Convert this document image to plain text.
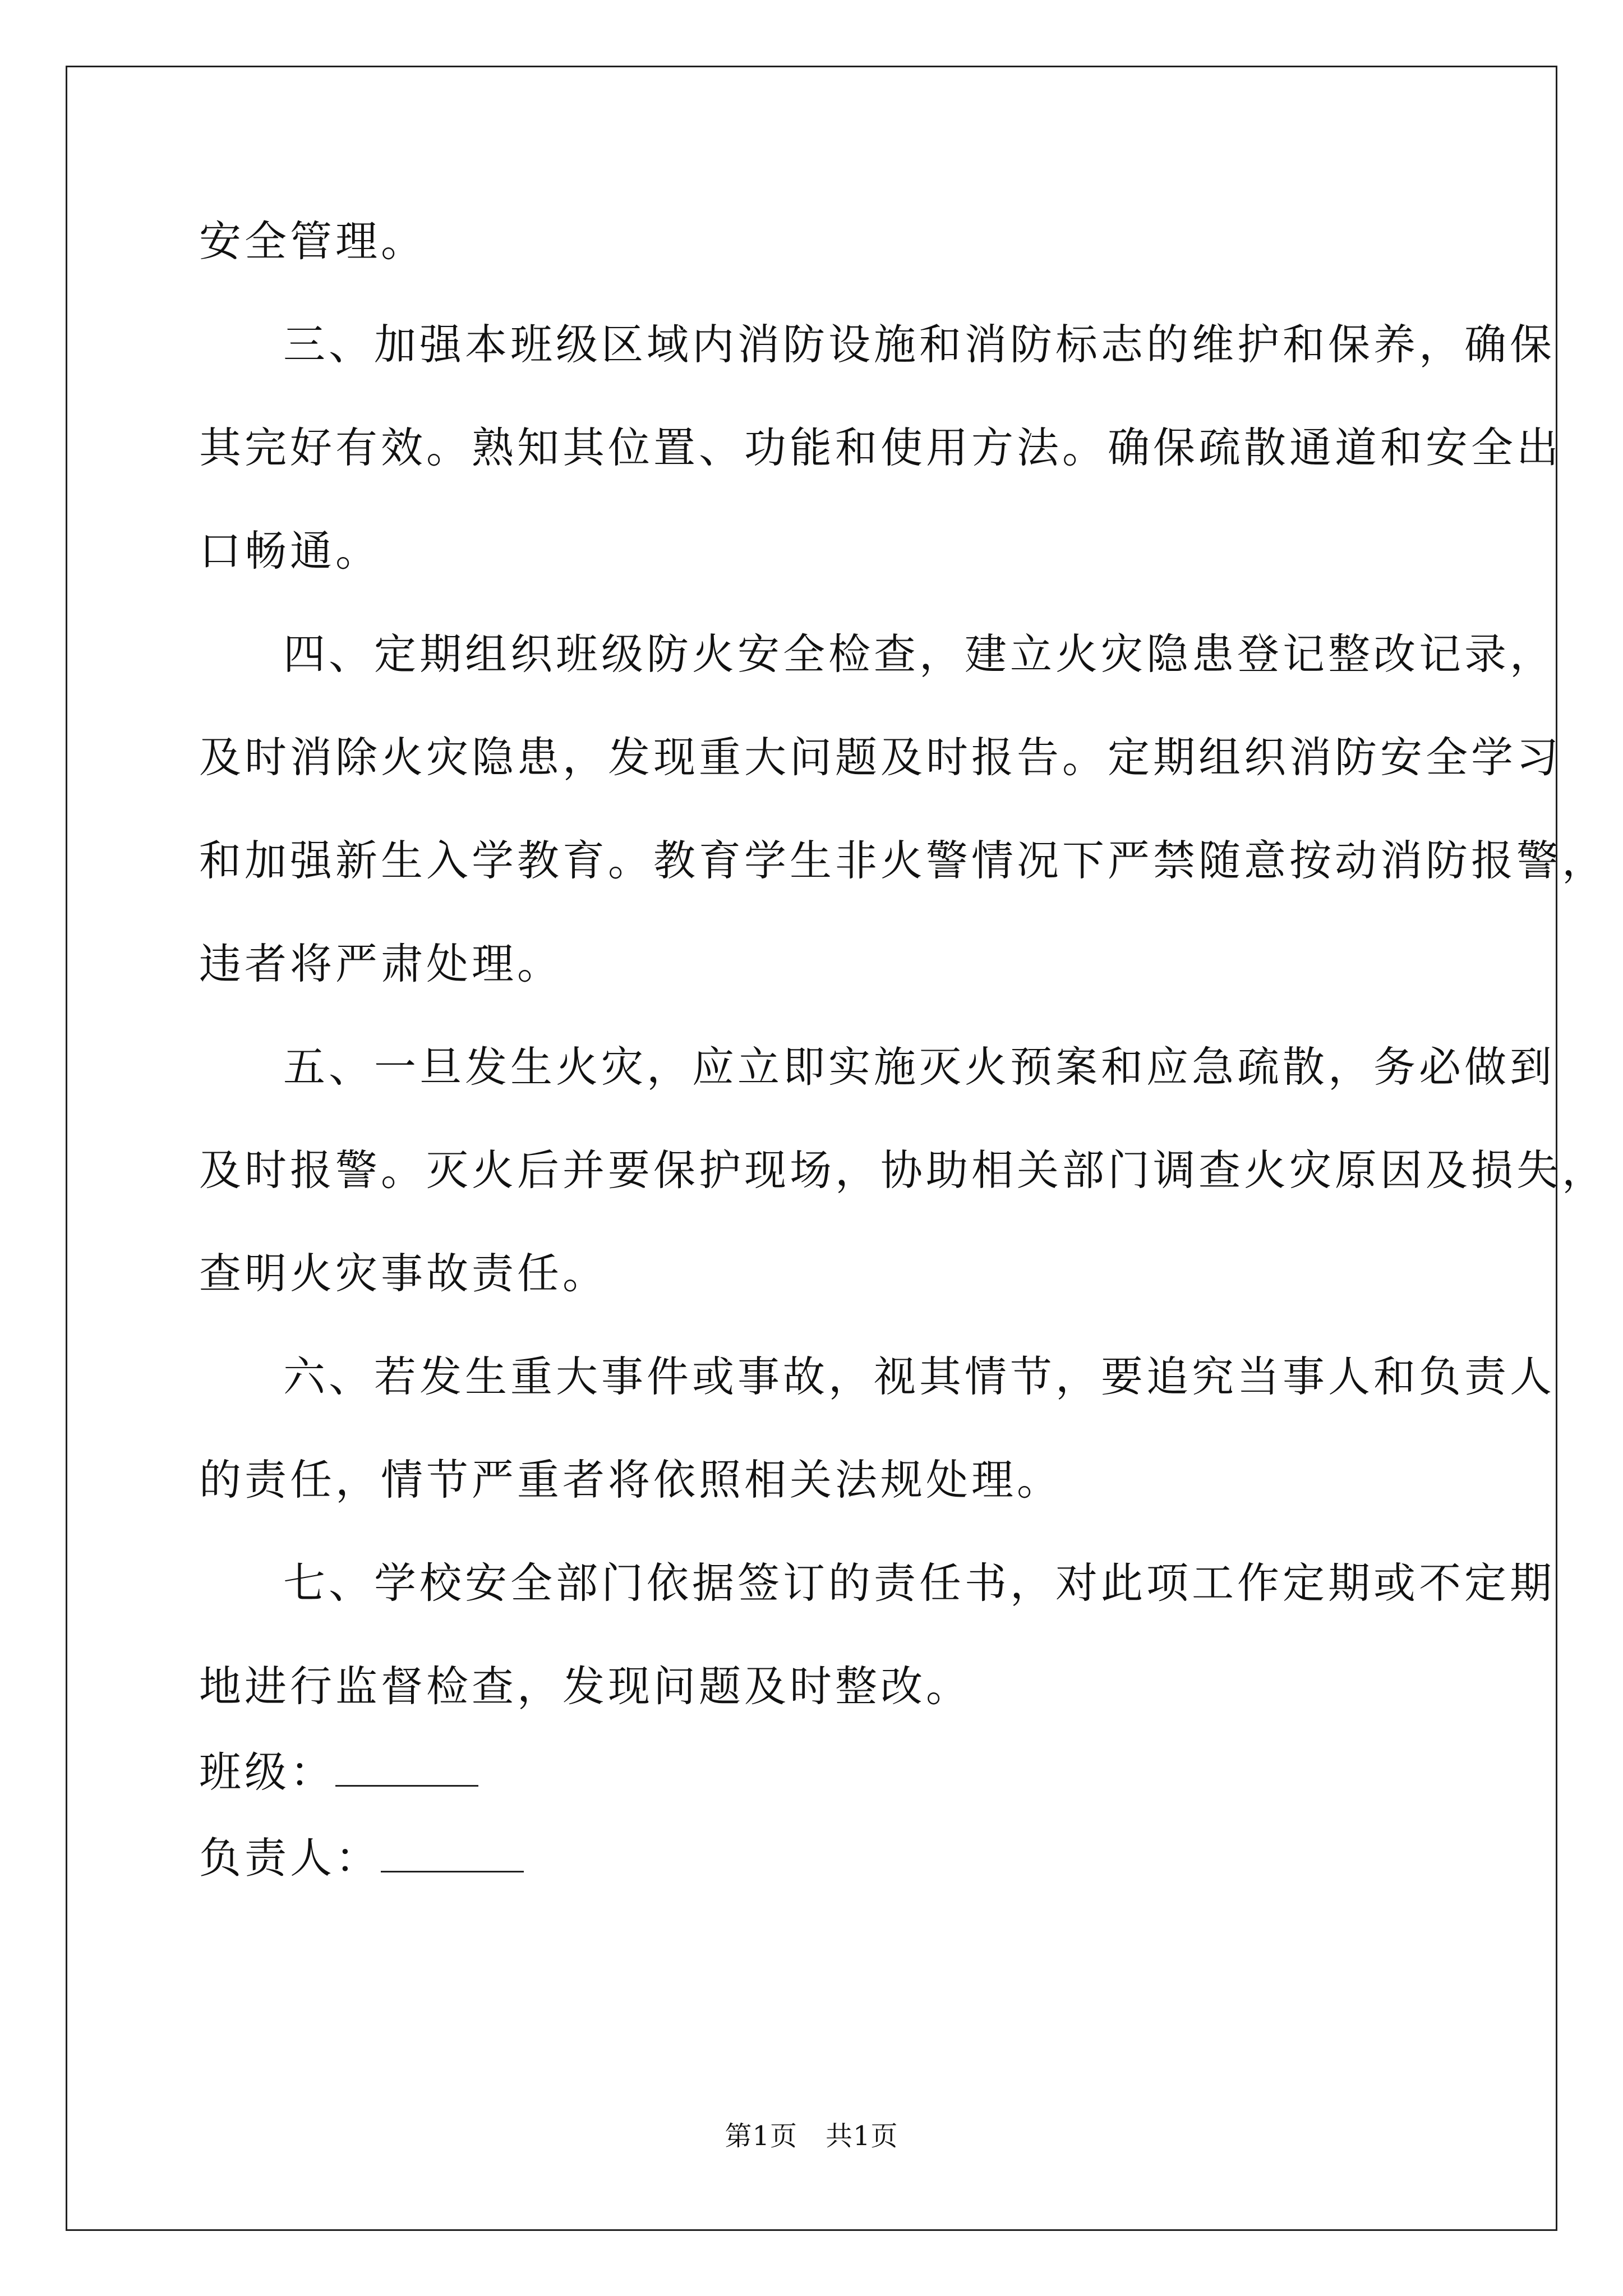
安全管理。
三、加强本班级区域内消防设施和消防标志的维护和保养，确保
其完好有效。熟知其位置、功能和使用方法。确保疏散通道和安全出
口畅通。
四、定期组织班级防火安全检查，建立火灾隐患登记整改记录，
及时消除火灾隐患，发现重大问题及时报告。定期组织消防安全学习
和加强新生入学教育。教育学生非火警情况下严禁随意按动消防报警，
违者将严肃处理。
五、一旦发生火灾，应立即实施灭火预案和应急疏散，务必做到
及时报警。灭火后并要保护现场，协助相关部门调查火灾原因及损失，
查明火灾事故责任。
六、若发生重大事件或事故，视其情节，要追究当事人和负责人
的责任，情节严重者将依照相关法规处理。
七、学校安全部门依据签订的责任书，对此项工作定期或不定期
地进行监督检查，发现问题及时整改。
班级：
负责人：
第1页 共1页
